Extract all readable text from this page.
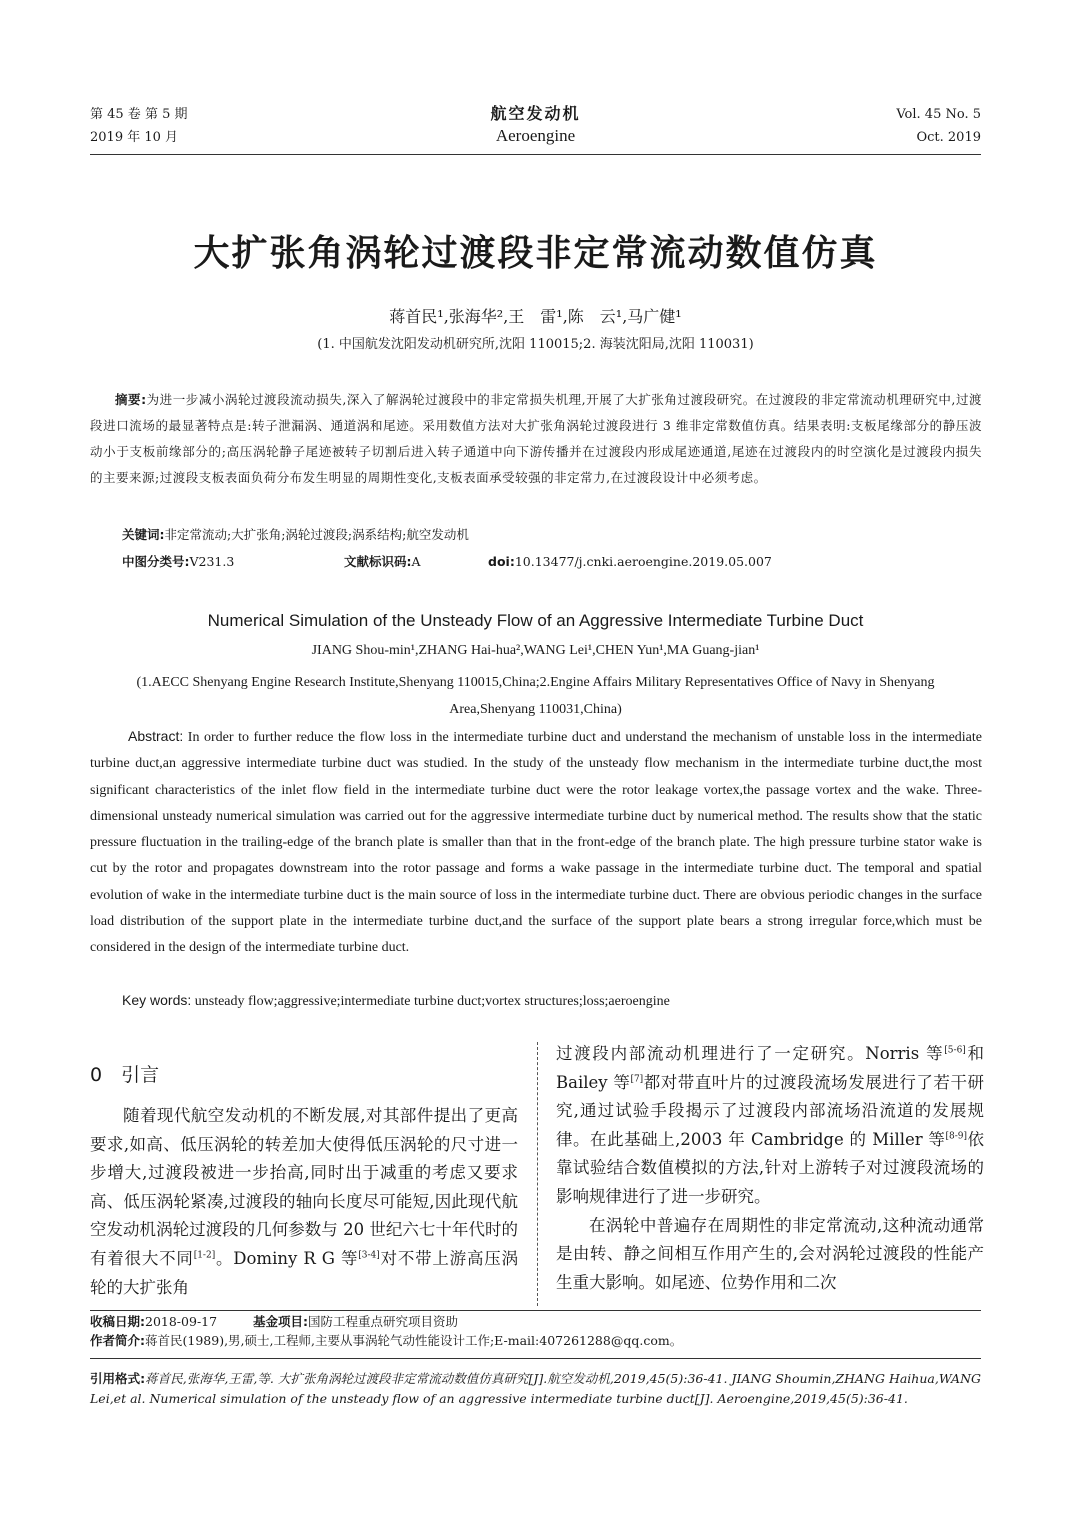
第 45 卷 第 5 期
2019 年 10 月
航空发动机
Aeroengine
Vol. 45 No. 5
Oct. 2019
大扩张角涡轮过渡段非定常流动数值仿真
蒋首民¹,张海华²,王　雷¹,陈　云¹,马广健¹
(1. 中国航发沈阳发动机研究所,沈阳 110015;2. 海装沈阳局,沈阳 110031)
摘要:为进一步减小涡轮过渡段流动损失,深入了解涡轮过渡段中的非定常损失机理,开展了大扩张角过渡段研究。在过渡段的非定常流动机理研究中,过渡段进口流场的最显著特点是:转子泄漏涡、通道涡和尾迹。采用数值方法对大扩张角涡轮过渡段进行 3 维非定常数值仿真。结果表明:支板尾缘部分的静压波动小于支板前缘部分的;高压涡轮静子尾迹被转子切割后进入转子通道中向下游传播并在过渡段内形成尾迹通道,尾迹在过渡段内的时空演化是过渡段内损失的主要来源;过渡段支板表面负荷分布发生明显的周期性变化,支板表面承受较强的非定常力,在过渡段设计中必须考虑。
关键词:非定常流动;大扩张角;涡轮过渡段;涡系结构;航空发动机
中图分类号:V231.3	文献标识码:A	doi:10.13477/j.cnki.aeroengine.2019.05.007
Numerical Simulation of the Unsteady Flow of an Aggressive Intermediate Turbine Duct
JIANG Shou-min¹,ZHANG Hai-hua²,WANG Lei¹,CHEN Yun¹,MA Guang-jian¹
(1.AECC Shenyang Engine Research Institute,Shenyang 110015,China;2.Engine Affairs Military Representatives Office of Navy in Shenyang Area,Shenyang 110031,China)
Abstract: In order to further reduce the flow loss in the intermediate turbine duct and understand the mechanism of unstable loss in the intermediate turbine duct,an aggressive intermediate turbine duct was studied. In the study of the unsteady flow mechanism in the intermediate turbine duct,the most significant characteristics of the inlet flow field in the intermediate turbine duct were the rotor leakage vortex,the passage vortex and the wake. Three-dimensional unsteady numerical simulation was carried out for the aggressive intermediate turbine duct by numerical method. The results show that the static pressure fluctuation in the trailing-edge of the branch plate is smaller than that in the front-edge of the branch plate. The high pressure turbine stator wake is cut by the rotor and propagates downstream into the rotor passage and forms a wake passage in the intermediate turbine duct. The temporal and spatial evolution of wake in the intermediate turbine duct is the main source of loss in the intermediate turbine duct. There are obvious periodic changes in the surface load distribution of the support plate in the intermediate turbine duct,and the surface of the support plate bears a strong irregular force,which must be considered in the design of the intermediate turbine duct.
Key words: unsteady flow;aggressive;intermediate turbine duct;vortex structures;loss;aeroengine

0　引言

随着现代航空发动机的不断发展,对其部件提出了更高要求,如高、低压涡轮的转差加大使得低压涡轮的尺寸进一步增大,过渡段被进一步抬高,同时出于减重的考虑又要求高、低压涡轮紧凑,过渡段的轴向长度尽可能短,因此现代航空发动机涡轮过渡段的几何参数与 20 世纪六七十年代时的有着很大不同[1-2]。Dominy R G 等[3-4]对不带上游高压涡轮的大扩张角

过渡段内部流动机理进行了一定研究。Norris 等[5-6]和 Bailey 等[7]都对带直叶片的过渡段流场发展进行了若干研究,通过试验手段揭示了过渡段内部流场沿流道的发展规律。在此基础上,2003 年 Cambridge 的 Miller 等[8-9]依靠试验结合数值模拟的方法,针对上游转子对过渡段流场的影响规律进行了进一步研究。

在涡轮中普遍存在周期性的非定常流动,这种流动通常是由转、静之间相互作用产生的,会对涡轮过渡段的性能产生重大影响。如尾迹、位势作用和二次

收稿日期:2018-09-17	基金项目:国防工程重点研究项目资助
作者简介:蒋首民(1989),男,硕士,工程师,主要从事涡轮气动性能设计工作;E-mail:407261288@qq.com。
引用格式:蒋首民,张海华,王雷,等. 大扩张角涡轮过渡段非定常流动数值仿真研究[J].航空发动机,2019,45(5):36-41. JIANG Shoumin,ZHANG Haihua,WANG Lei,et al. Numerical simulation of the unsteady flow of an aggressive intermediate turbine duct[J]. Aeroengine,2019,45(5):36-41.
